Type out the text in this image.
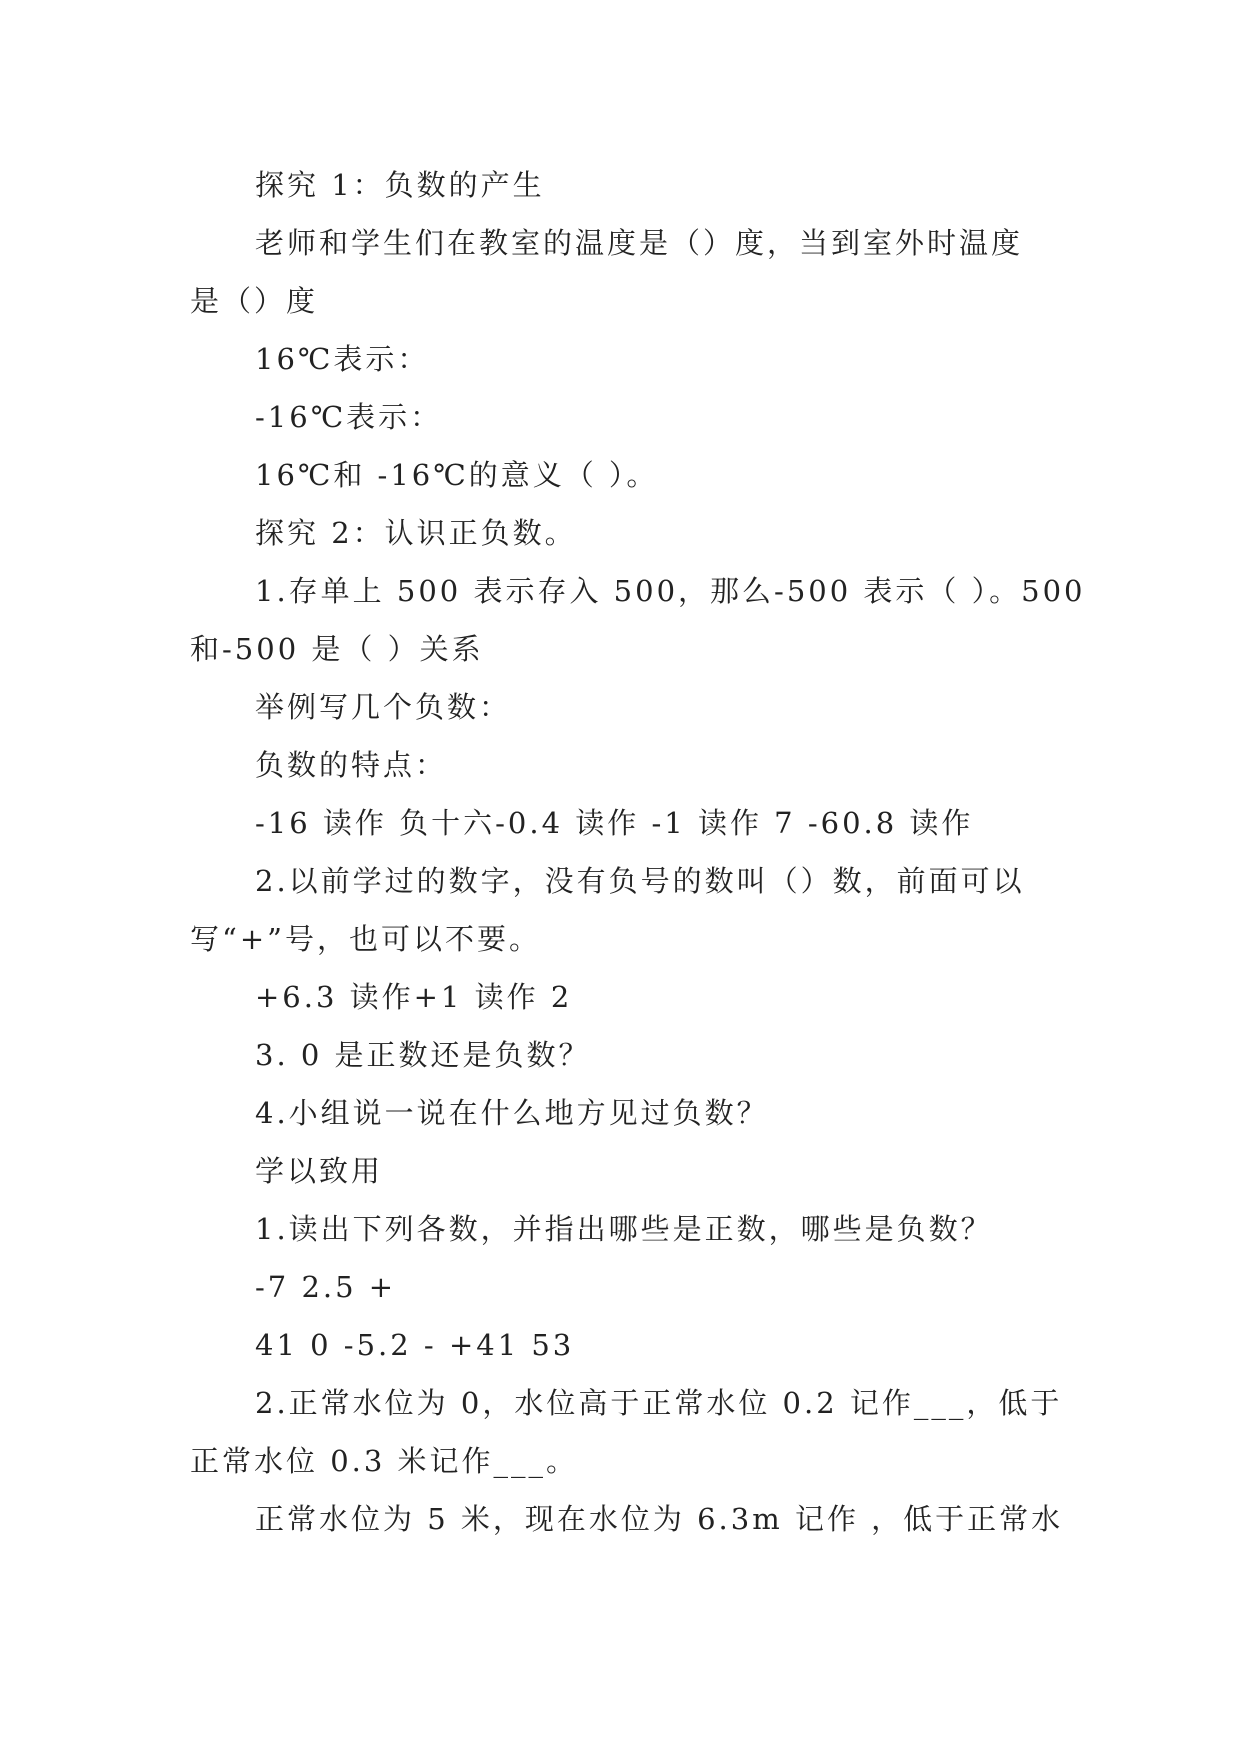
探究 1：负数的产生

老师和学生们在教室的温度是（）度，当到室外时温度

是（）度

16℃表示：

-16℃表示：

16℃和 -16℃的意义（ ）。

探究 2：认识正负数。

1.存单上 500 表示存入 500，那么-500 表示（ ）。500

和-500 是（ ）关系

举例写几个负数：

负数的特点：

-16 读作 负十六-0.4 读作 -1 读作 7 -60.8 读作

2.以前学过的数字，没有负号的数叫（）数，前面可以

写“+”号，也可以不要。

+6.3 读作+1 读作 2

3. 0 是正数还是负数？

4.小组说一说在什么地方见过负数？

学以致用

1.读出下列各数，并指出哪些是正数，哪些是负数？

-7 2.5 +

41 0 -5.2 - +41 53

2.正常水位为 0，水位高于正常水位 0.2 记作___，低于

正常水位 0.3 米记作___。

正常水位为 5 米，现在水位为 6.3m 记作 ，低于正常水
